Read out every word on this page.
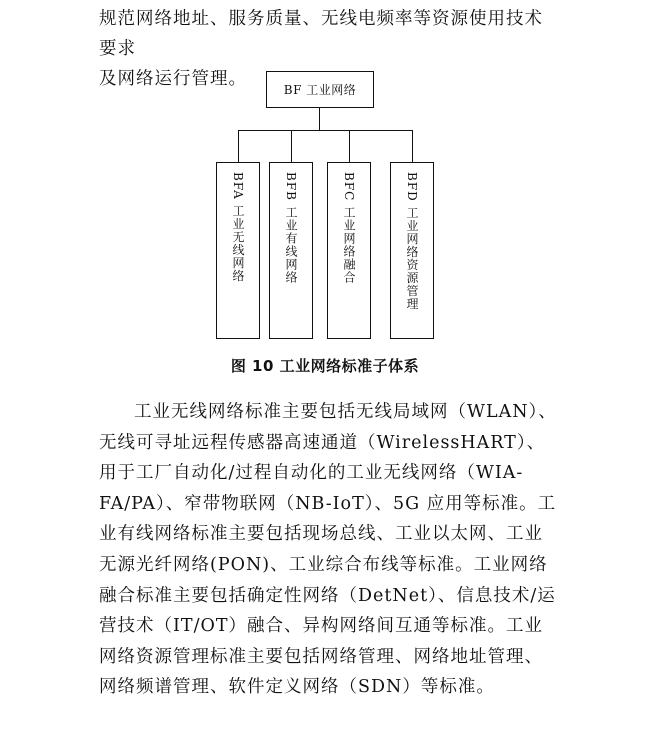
规范网络地址、服务质量、无线电频率等资源使用技术要求

及网络运行管理。

BF 工业网络
BFA 工业无线网络
BFB 工业有线网络
BFC 工业网络融合
BFD 工业网络资源管理
图 10 工业网络标准子体系

工业无线网络标准主要包括无线局域网（WLAN）、无线可寻址远程传感器高速通道（WirelessHART）、用于工厂自动化/过程自动化的工业无线网络（WIA-FA/PA）、窄带物联网（NB-IoT）、5G 应用等标准。工业有线网络标准主要包括现场总线、工业以太网、工业无源光纤网络(PON)、工业综合布线等标准。工业网络融合标准主要包括确定性网络（DetNet）、信息技术/运营技术（IT/OT）融合、异构网络间互通等标准。工业网络资源管理标准主要包括网络管理、网络地址管理、网络频谱管理、软件定义网络（SDN）等标准。
